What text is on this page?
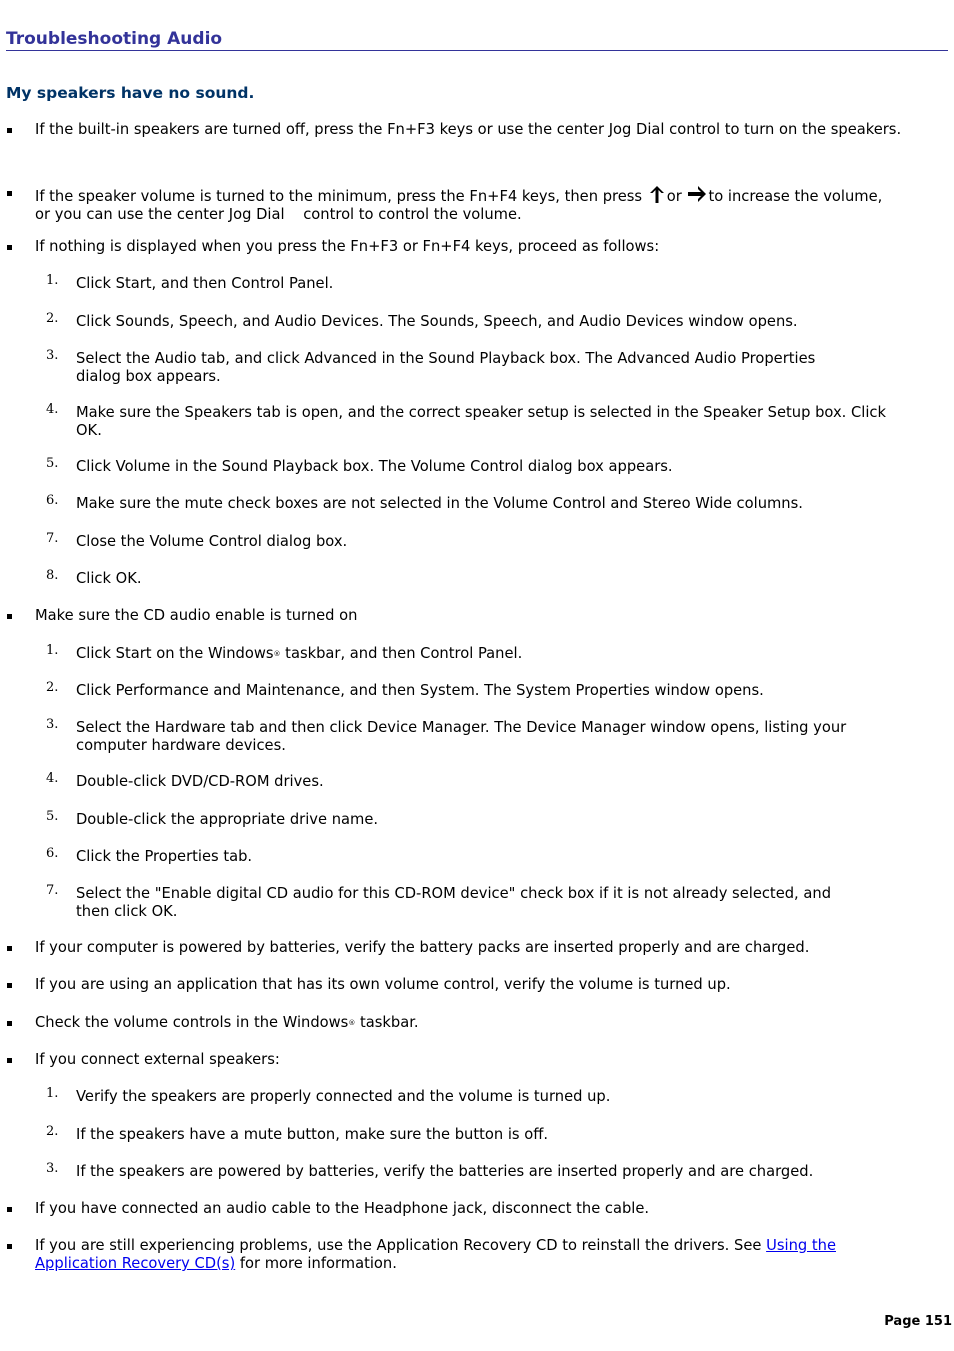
Troubleshooting Audio
My speakers have no sound.
If the built-in speakers are turned off, press the Fn+F3 keys or use the center Jog Dial control to turn on the speakers.
If the speaker volume is turned to the minimum, press the Fn+F4 keys, then press or to increase the volume,
or you can use the center Jog Dial    control to control the volume.
If nothing is displayed when you press the Fn+F3 or Fn+F4 keys, proceed as follows:
1. Click Start, and then Control Panel.
2. Click Sounds, Speech, and Audio Devices. The Sounds, Speech, and Audio Devices window opens.
3. Select the Audio tab, and click Advanced in the Sound Playback box. The Advanced Audio Properties dialog box appears.
4. Make sure the Speakers tab is open, and the correct speaker setup is selected in the Speaker Setup box. Click OK.
5. Click Volume in the Sound Playback box. The Volume Control dialog box appears.
6. Make sure the mute check boxes are not selected in the Volume Control and Stereo Wide columns.
7. Close the Volume Control dialog box.
8. Click OK.
Make sure the CD audio enable is turned on
1. Click Start on the Windows® taskbar, and then Control Panel.
2. Click Performance and Maintenance, and then System. The System Properties window opens.
3. Select the Hardware tab and then click Device Manager. The Device Manager window opens, listing your computer hardware devices.
4. Double-click DVD/CD-ROM drives.
5. Double-click the appropriate drive name.
6. Click the Properties tab.
7. Select the "Enable digital CD audio for this CD-ROM device" check box if it is not already selected, and then click OK.
If your computer is powered by batteries, verify the battery packs are inserted properly and are charged.
If you are using an application that has its own volume control, verify the volume is turned up.
Check the volume controls in the Windows® taskbar.
If you connect external speakers:
1. Verify the speakers are properly connected and the volume is turned up.
2. If the speakers have a mute button, make sure the button is off.
3. If the speakers are powered by batteries, verify the batteries are inserted properly and are charged.
If you have connected an audio cable to the Headphone jack, disconnect the cable.
If you are still experiencing problems, use the Application Recovery CD to reinstall the drivers. See Using the Application Recovery CD(s) for more information.
Page 151
